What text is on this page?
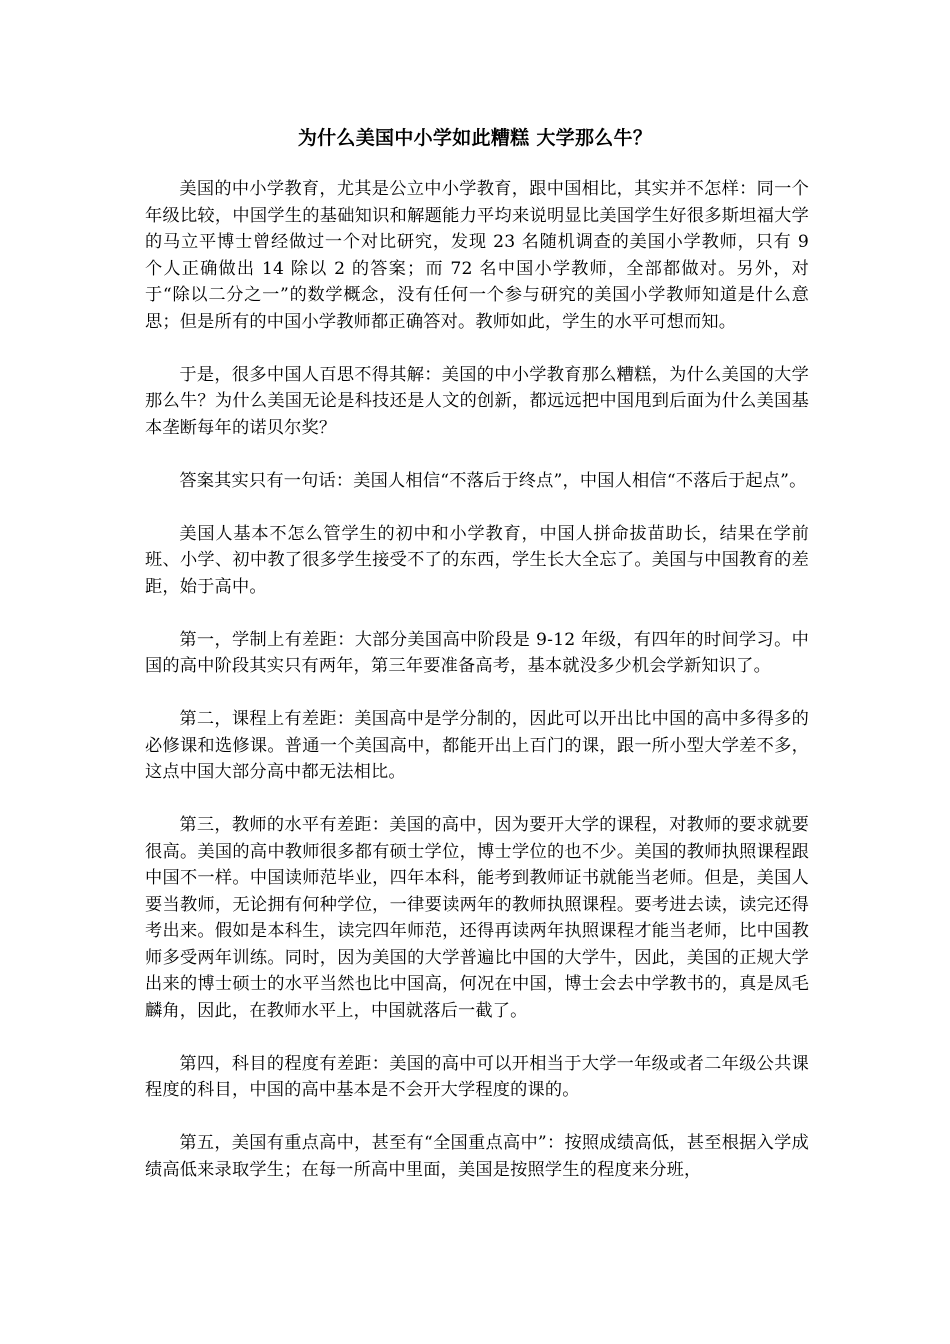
为什么美国中小学如此糟糕 大学那么牛？

美国的中小学教育，尤其是公立中小学教育，跟中国相比，其实并不怎样：同一个年级比较，中国学生的基础知识和解题能力平均来说明显比美国学生好很多斯坦福大学的马立平博士曾经做过一个对比研究，发现 23 名随机调查的美国小学教师，只有 9 个人正确做出 14 除以 2 的答案；而 72 名中国小学教师，全部都做对。另外，对于“除以二分之一”的数学概念，没有任何一个参与研究的美国小学教师知道是什么意思；但是所有的中国小学教师都正确答对。教师如此，学生的水平可想而知。

于是，很多中国人百思不得其解：美国的中小学教育那么糟糕，为什么美国的大学那么牛？为什么美国无论是科技还是人文的创新，都远远把中国甩到后面为什么美国基本垄断每年的诺贝尔奖？

答案其实只有一句话：美国人相信“不落后于终点”，中国人相信“不落后于起点”。

美国人基本不怎么管学生的初中和小学教育，中国人拼命拔苗助长，结果在学前班、小学、初中教了很多学生接受不了的东西，学生长大全忘了。美国与中国教育的差距，始于高中。

第一，学制上有差距：大部分美国高中阶段是 9-12 年级，有四年的时间学习。中国的高中阶段其实只有两年，第三年要准备高考，基本就没多少机会学新知识了。

第二，课程上有差距：美国高中是学分制的，因此可以开出比中国的高中多得多的必修课和选修课。普通一个美国高中，都能开出上百门的课，跟一所小型大学差不多，这点中国大部分高中都无法相比。

第三，教师的水平有差距：美国的高中，因为要开大学的课程，对教师的要求就要很高。美国的高中教师很多都有硕士学位，博士学位的也不少。美国的教师执照课程跟中国不一样。中国读师范毕业，四年本科，能考到教师证书就能当老师。但是，美国人要当教师，无论拥有何种学位，一律要读两年的教师执照课程。要考进去读，读完还得考出来。假如是本科生，读完四年师范，还得再读两年执照课程才能当老师，比中国教师多受两年训练。同时，因为美国的大学普遍比中国的大学牛，因此，美国的正规大学出来的博士硕士的水平当然也比中国高，何况在中国，博士会去中学教书的，真是凤毛麟角，因此，在教师水平上，中国就落后一截了。

第四，科目的程度有差距：美国的高中可以开相当于大学一年级或者二年级公共课程度的科目，中国的高中基本是不会开大学程度的课的。

第五，美国有重点高中，甚至有“全国重点高中”：按照成绩高低，甚至根据入学成绩高低来录取学生；在每一所高中里面，美国是按照学生的程度来分班，
